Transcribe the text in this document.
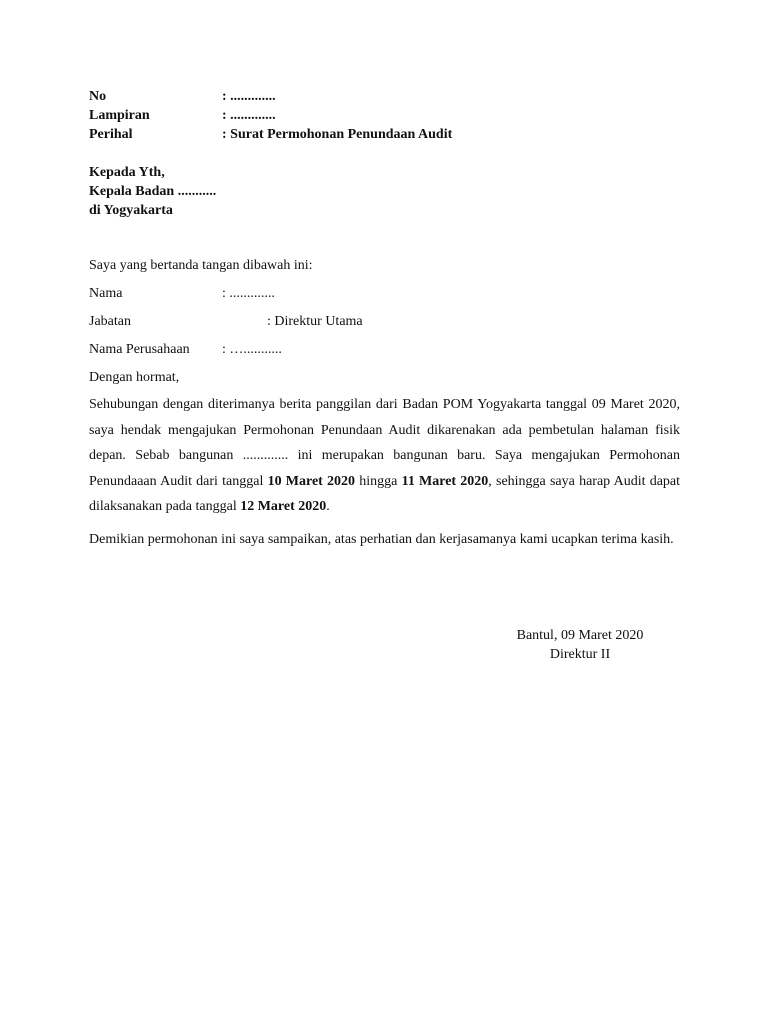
No	: .............
Lampiran	: .............
Perihal	: Surat Permohonan Penundaan Audit
Kepada Yth,
Kepala Badan ...........
di Yogyakarta
Saya yang bertanda tangan dibawah ini:
Nama	: .............
Jabatan	: Direktur Utama
Nama Perusahaan : …...........
Dengan hormat,

Sehubungan dengan diterimanya berita panggilan dari Badan POM Yogyakarta tanggal 09 Maret 2020, saya hendak mengajukan Permohonan Penundaan Audit dikarenakan ada pembetulan halaman fisik depan. Sebab bangunan ............. ini merupakan bangunan baru. Saya mengajukan Permohonan Penundaaan Audit dari tanggal 10 Maret 2020 hingga 11 Maret 2020, sehingga saya harap Audit dapat dilaksanakan pada tanggal 12 Maret 2020.

Demikian permohonan ini saya sampaikan, atas perhatian dan kerjasamanya kami ucapkan terima kasih.

Bantul, 09 Maret 2020
Direktur II
